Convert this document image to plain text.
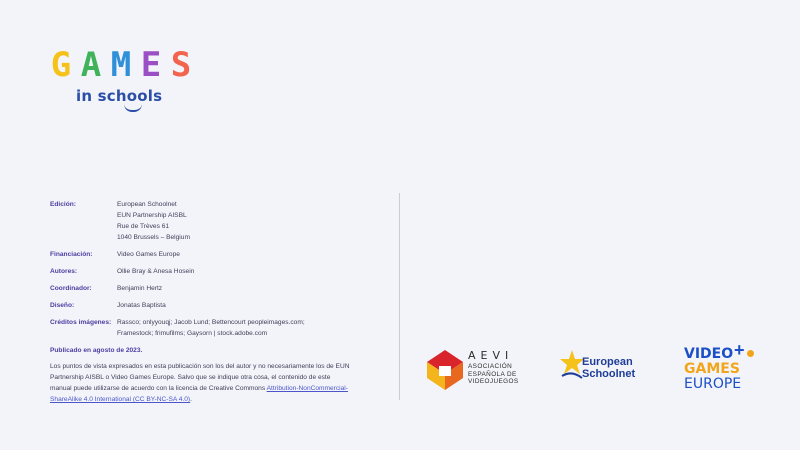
G A M E S
in schools
Edición:	European Schoolnet
EUN Partnership AISBL
Rue de Trèves 61
1040 Brussels – Belgium
Financiación:	Video Games Europe
Autores:	Ollie Bray & Anesa Hosein
Coordinador:	Benjamin Hertz
Diseño:	Jonatas Baptista
Créditos imágenes: Rassco; onlyyouqj; Jacob Lund; Bettencourt peopleimages.com;
Framestock; frimufilms; Gaysorn | stock.adobe.com
Publicado en agosto de 2023.
Los puntos de vista expresados en esta publicación son los del autor y no necesariamente los de EUN Partnership AISBL o Video Games Europe. Salvo que se indique otra cosa, el contenido de este manual puede utilizarse de acuerdo con la licencia de Creative Commons Attribution-NonCommercial-ShareAlike 4.0 International (CC BY-NC-SA 4.0).
AEVI
ASOCIACIÓN ESPAÑOLA DE VIDEOJUEGOS
European
Schoolnet
VIDEO
GAMES
EUROPE
+
